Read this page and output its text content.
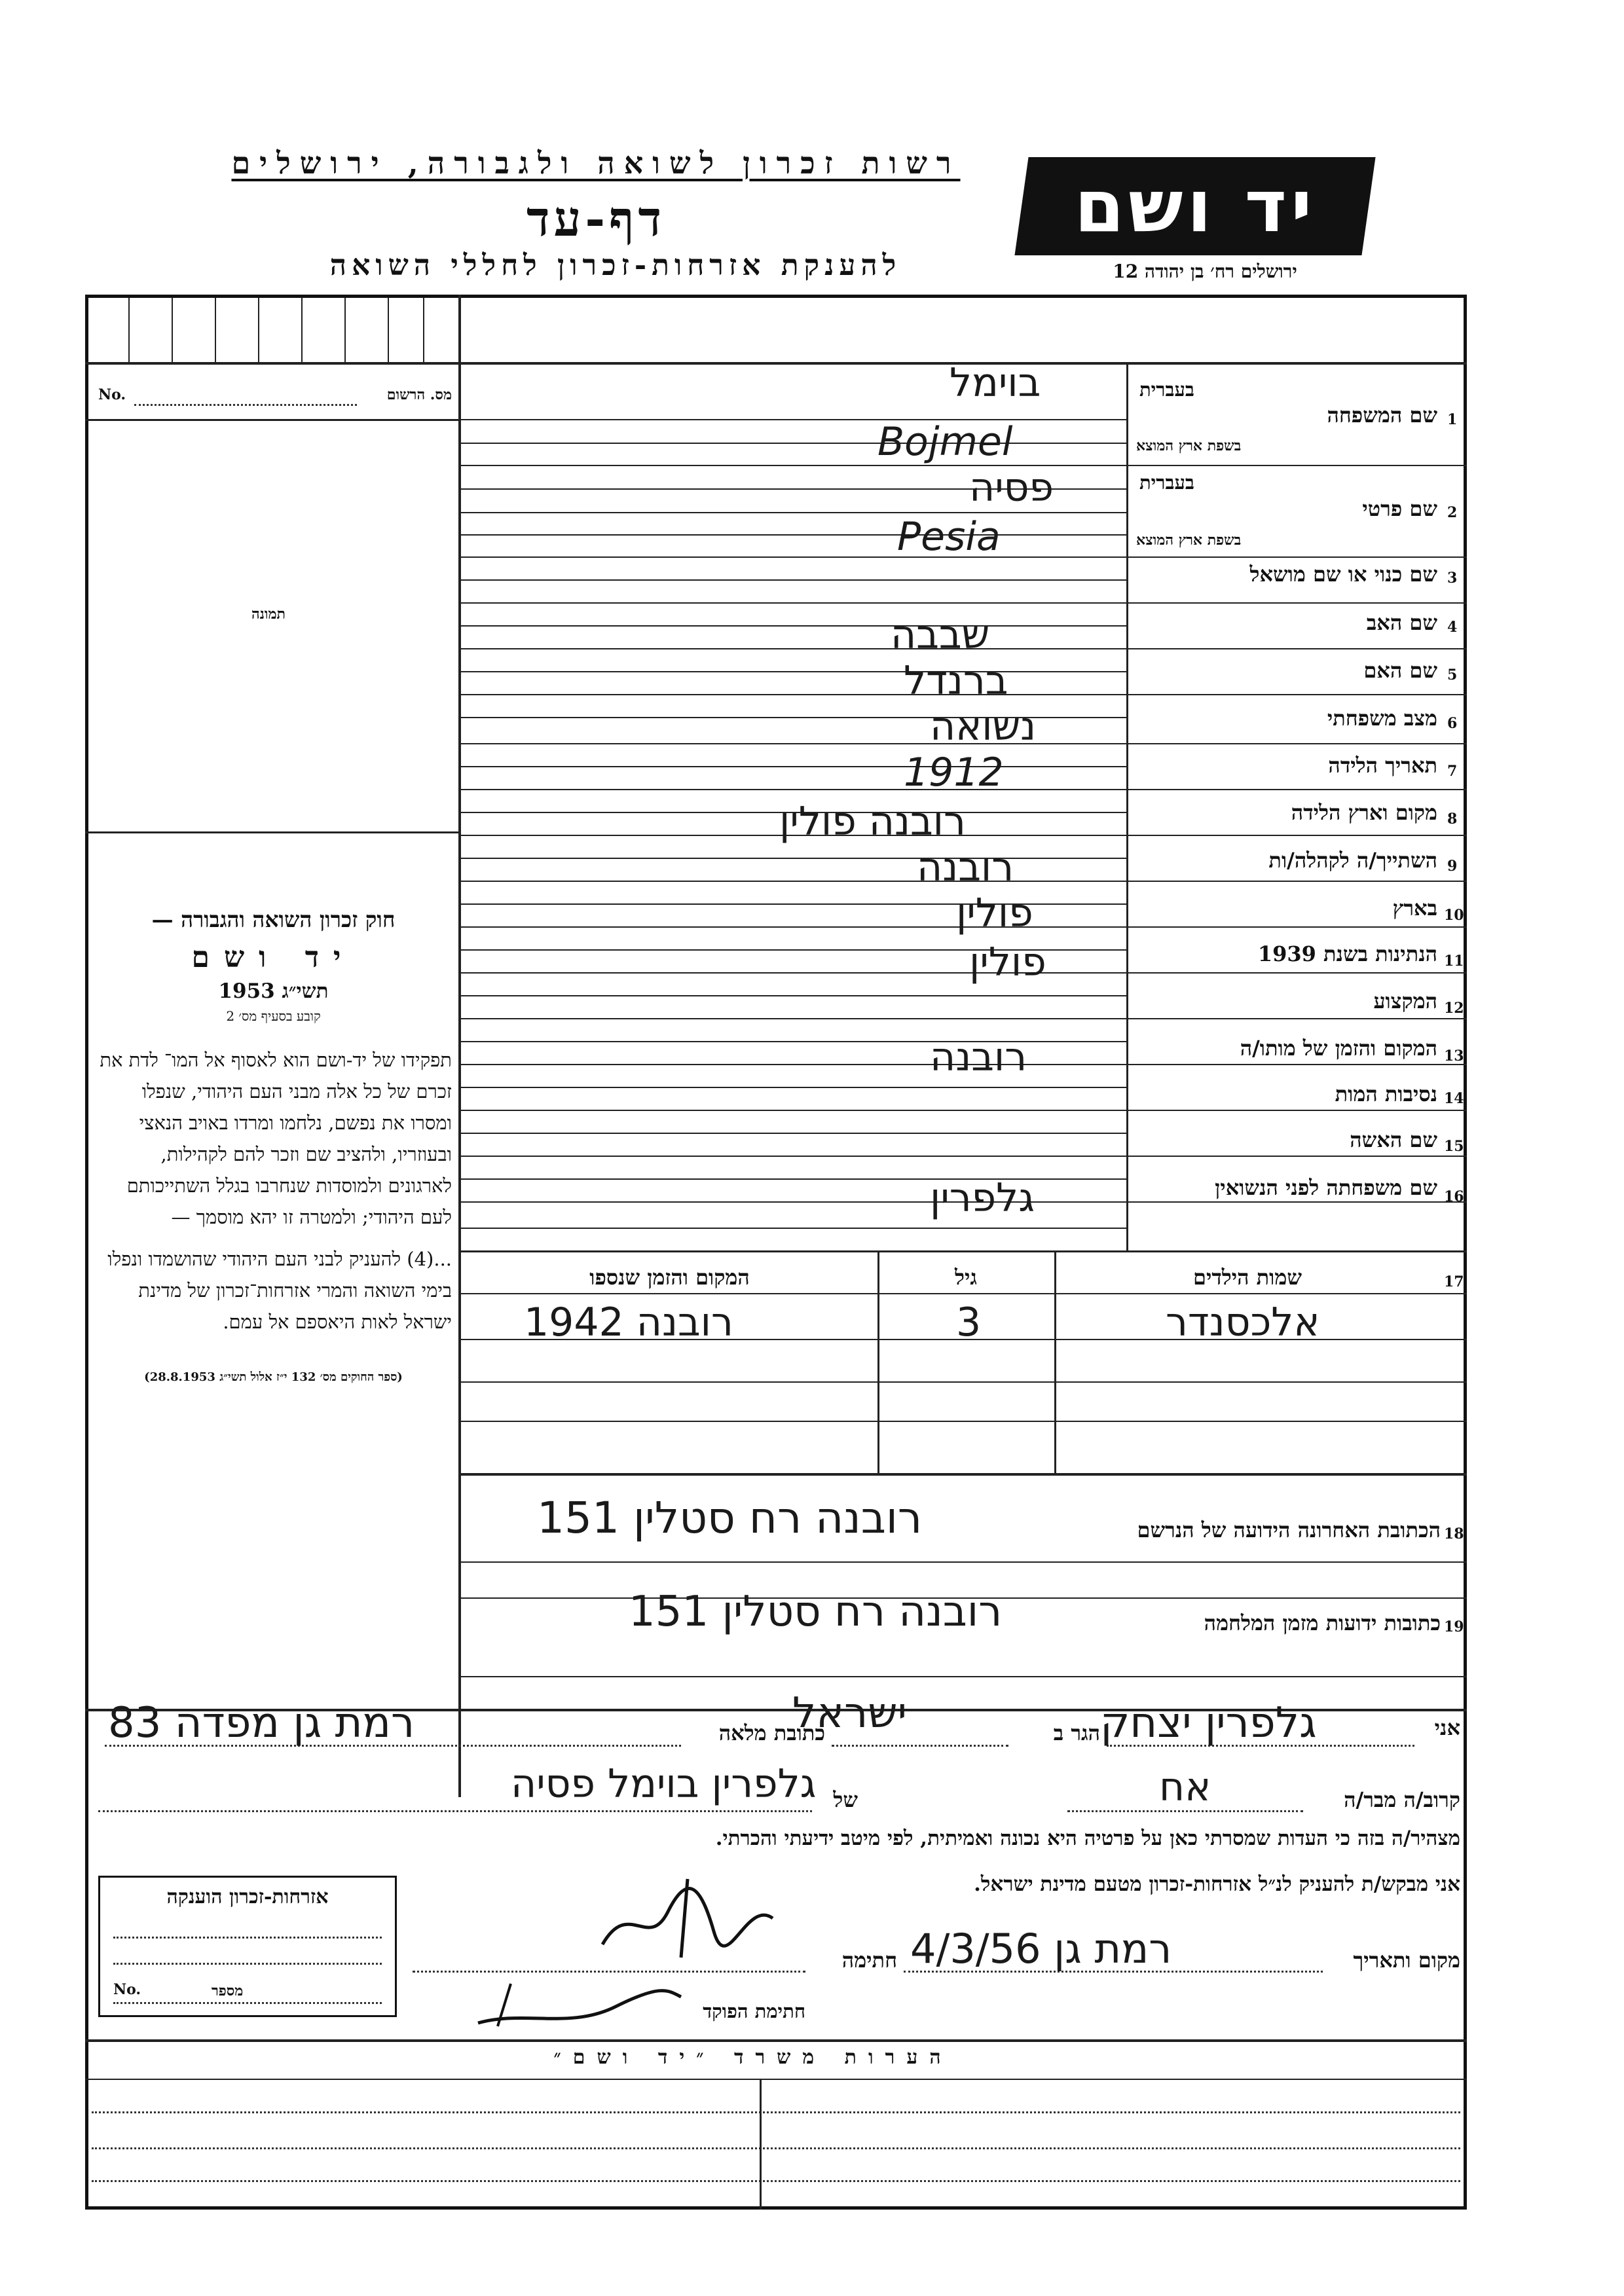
רשות זכרון לשואה ולגבורה, ירושלים
דף-עד
להענקת אזרחות-זכרון לחללי השואה
יד ושם
ירושלים רח׳ בן יהודה 12
No.	מס. הרשום
תמונה
חוק זכרון השואה והגבורה —
יד ושם
תשי״ג 1953
קובע בסעיף מס׳ 2
תפקידו של יד-ושם הוא לאסוף אל המו־ לדת את זכרם של כל אלה מבני העם היהודי, שנפלו ומסרו את נפשם, נלחמו ומרדו באויב הנאצי ובעוזריו, ולהציב שם וזכר להם לקהילות, לארגונים ולמוסדות שנחרבו בגלל השתייכותם לעם היהודי; ולמטרה זו יהא מוסמך —
...(4) להעניק לבני העם היהודי שהושמדו ונפלו בימי השואה והמרי אזרחות־זכרון של מדינת ישראל לאות היאספם אל עמם.
(ספר החוקים מס׳ 132 י״ז אלול תשי״ג 28.8.1953)
1
שם המשפחה
בעברית
בשפת ארץ המוצא
בוימל
Bojmel
2
שם פרטי
בעברית
בשפת ארץ המוצא
פסיה
Pesia
3
שם כנוי או שם מושאל
4
שם האב
שבבה
5
שם האם
ברנדל
6
מצב משפחתי
נשואה
7
תאריך הלידה
1912
8
מקום וארץ הלידה
רובנה פולין
9
השתייך/ה לקהלה/ות
רובנה
10
בארץ
פולין
11
הנתינות בשנת 1939
פולין
12
המקצוע
13
המקום והזמן של מותו/ה
רובנה
14
נסיבות המות
15
שם האשה
16
שם משפחתה לפני הנשואין
גלפרין
17
שמות הילדים
גיל
המקום והזמן שנספו
אלכסנדר
3
רובנה 1942
18
הכתובת האחרונה הידועה של הנרשם
רובנה רח סטלין 151
19
כתובות ידועות מזמן המלחמה
רובנה רח סטלין 151
אני
גלפרין יצחק
הגר ב
ישראל
כתובת מלאה
רמת גן מפדה 83
קרוב/ה מבר/ה
אח
של
גלפרין בוימל פסיה
מצהיר/ה בזה כי העדות שמסרתי כאן על פרטיה היא נכונה ואמיתית, לפי מיטב ידיעתי והכרתי.
אני מבקש/ת להעניק לנ״ל אזרחות-זכרון מטעם מדינת ישראל.
מקום ותאריך
רמת גן 4/3/56
חתימה
חתימת הפוקד
אזרחות-זכרון הוענקה
No.	מספר
הערות משרד ״יד ושם״
